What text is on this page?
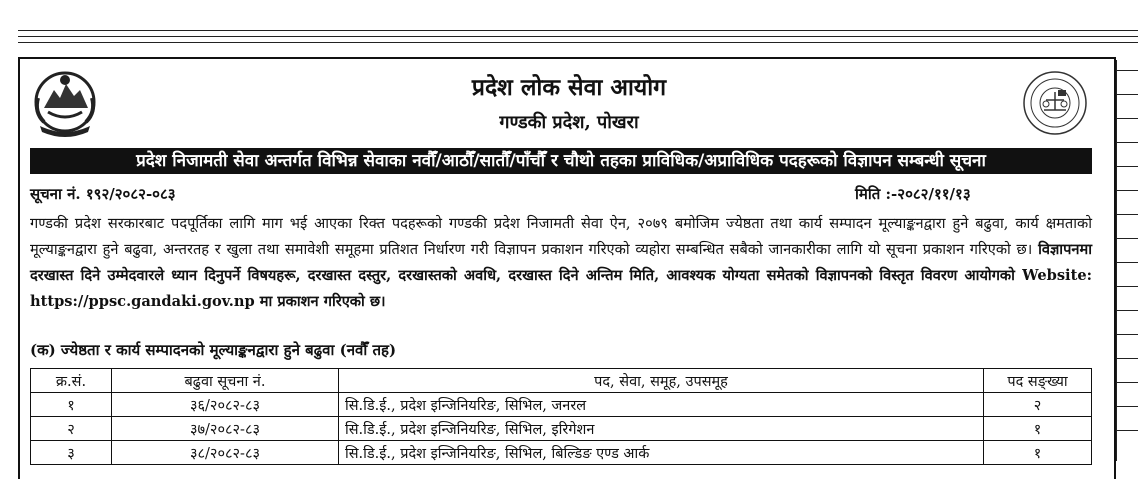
प्रदेश लोक सेवा आयोग
गण्डकी प्रदेश, पोखरा
प्रदेश निजामती सेवा अन्तर्गत विभिन्न सेवाका नवौँ/आठौँ/सातौँ/पाँचौँ र चौथो तहका प्राविधिक/अप्राविधिक पदहरूको विज्ञापन सम्बन्धी सूचना
सूचना नं. १९२/२०८२-०८३	मिति :-२०८२/११/१३
गण्डकी प्रदेश सरकारबाट पदपूर्तिका लागि माग भई आएका रिक्त पदहरूको गण्डकी प्रदेश निजामती सेवा ऐन, २०७९ बमोजिम ज्येष्ठता तथा कार्य सम्पादन मूल्याङ्कनद्वारा हुने बढुवा, कार्य क्षमताको मूल्याङ्कनद्वारा हुने बढुवा, अन्तरतह र खुला तथा समावेशी समूहमा प्रतिशत निर्धारण गरी विज्ञापन प्रकाशन गरिएको व्यहोरा सम्बन्धित सबैको जानकारीका लागि यो सूचना प्रकाशन गरिएको छ। विज्ञापनमा दरखास्त दिने उम्मेदवारले ध्यान दिनुपर्ने विषयहरू, दरखास्त दस्तुर, दरखास्तको अवधि, दरखास्त दिने अन्तिम मिति, आवश्यक योग्यता समेतको विज्ञापनको विस्तृत विवरण आयोगको Website: https://ppsc.gandaki.gov.np मा प्रकाशन गरिएको छ।
(क) ज्येष्ठता र कार्य सम्पादनको मूल्याङ्कनद्वारा हुने बढुवा (नवौँ तह)
क्र.सं.	बढुवा सूचना नं.	पद, सेवा, समूह, उपसमूह	पद सङ्ख्या
१	३६/२०८२-८३	सि.डि.ई., प्रदेश इन्जिनियरिङ, सिभिल, जनरल	२
२	३७/२०८२-८३	सि.डि.ई., प्रदेश इन्जिनियरिङ, सिभिल, इरिगेशन	१
३	३८/२०८२-८३	सि.डि.ई., प्रदेश इन्जिनियरिङ, सिभिल, बिल्डिङ एण्ड आर्क	१
